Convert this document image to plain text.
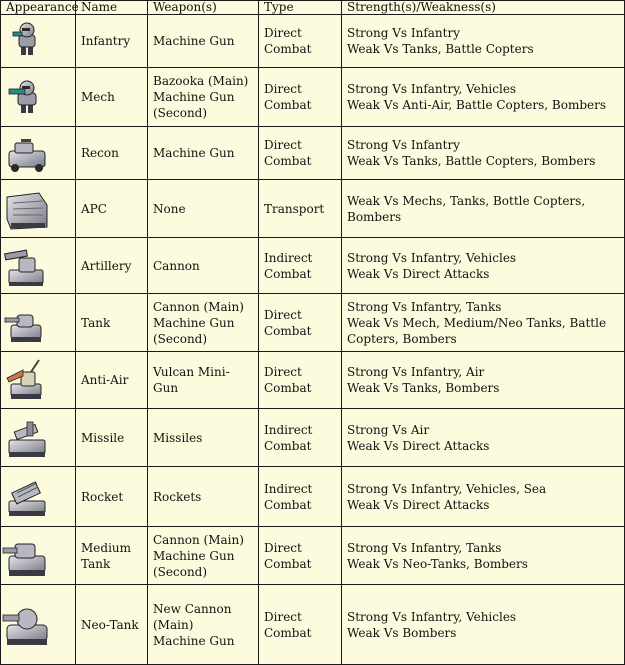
Appearance	Name	Weapon(s)	Type	Strength(s)/Weakness(s)

	Infantry	Machine Gun	Direct
Combat	Strong Vs Infantry
Weak Vs Tanks, Battle Copters

	Mech	Bazooka (Main)
Machine Gun
(Second)	Direct
Combat	Strong Vs Infantry, Vehicles
Weak Vs Anti-Air, Battle Copters, Bombers

	Recon	Machine Gun	Direct
Combat	Strong Vs Infantry
Weak Vs Tanks, Battle Copters, Bombers

	APC	None	Transport	Weak Vs Mechs, Tanks, Bottle Copters, Bombers

	Artillery	Cannon	Indirect
Combat	Strong Vs Infantry, Vehicles
Weak Vs Direct Attacks

	Tank	Cannon (Main)
Machine Gun
(Second)	Direct
Combat	Strong Vs Infantry, Tanks
Weak Vs Mech, Medium/Neo Tanks, Battle
Copters, Bombers

	Anti-Air	Vulcan Mini-Gun	Direct
Combat	Strong Vs Infantry, Air
Weak Vs Tanks, Bombers

	Missile	Missiles	Indirect
Combat	Strong Vs Air
Weak Vs Direct Attacks

	Rocket	Rockets	Indirect
Combat	Strong Vs Infantry, Vehicles, Sea
Weak Vs Direct Attacks

	Medium Tank	Cannon (Main)
Machine Gun
(Second)	Direct
Combat	Strong Vs Infantry, Tanks
Weak Vs Neo-Tanks, Bombers

	Neo-Tank	New Cannon
(Main)
Machine Gun	Direct
Combat	Strong Vs Infantry, Vehicles
Weak Vs Bombers
